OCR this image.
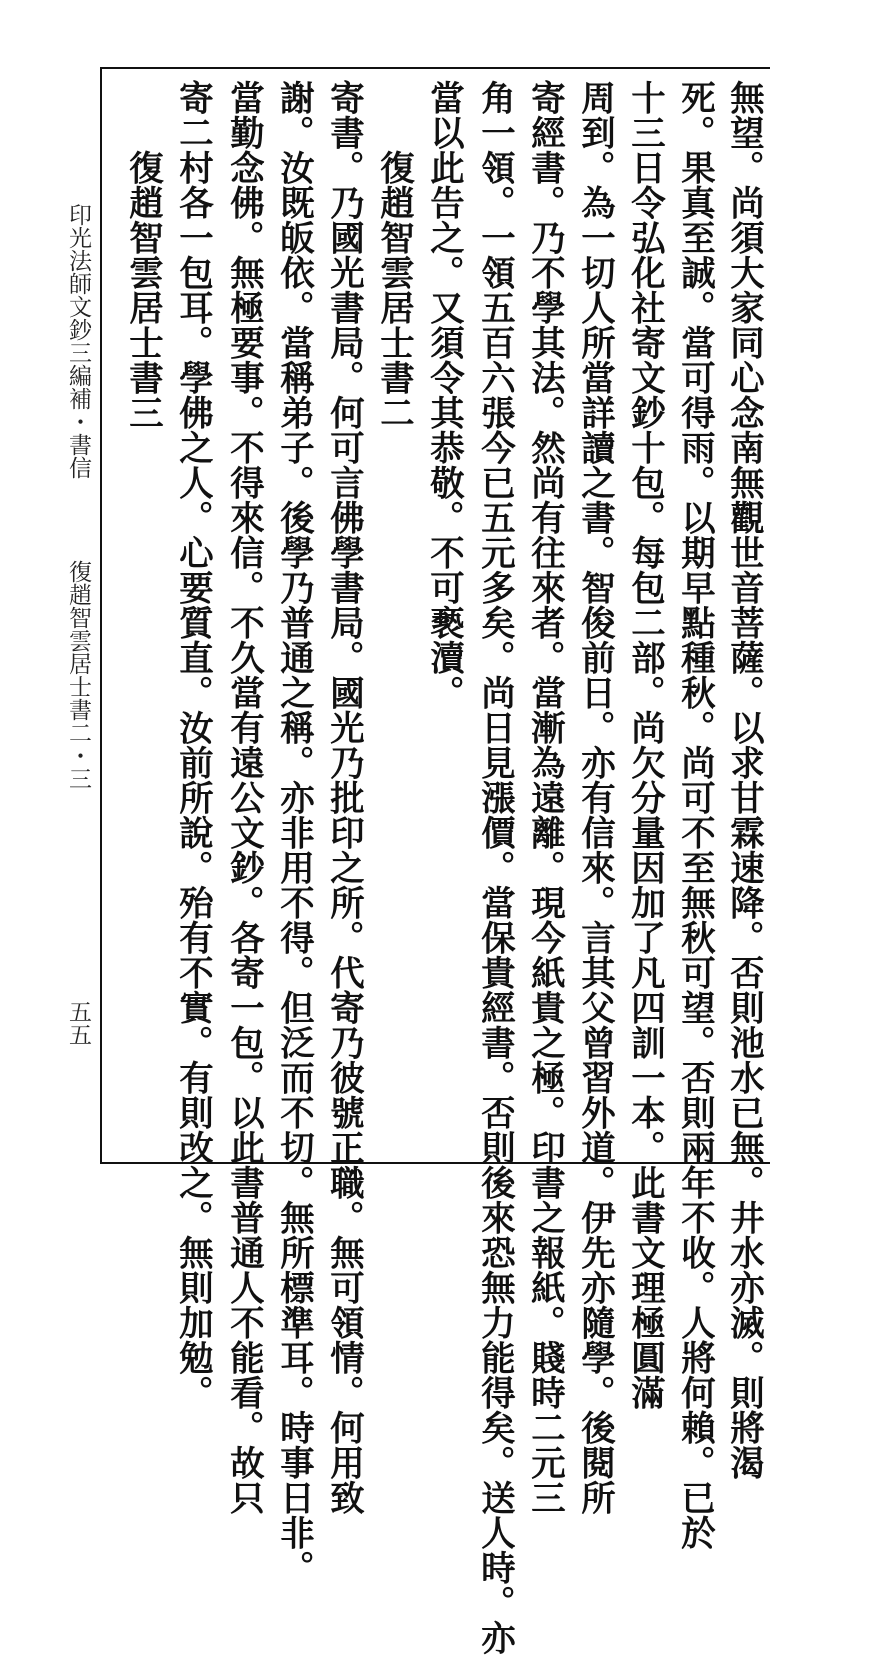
印光法師文鈔三編補・書信
復趙智雲居士書二・三
五五	無望。尚須大家同心念南無觀世音菩薩。以求甘霖速降。否則池水已無。井水亦滅。則將渴
死。果真至誠。當可得雨。以期早點種秋。尚可不至無秋可望。否則兩年不收。人將何賴。已於
十三日令弘化社寄文鈔十包。每包二部。尚欠分量因加了凡四訓一本。此書文理極圓滿
周到。為一切人所當詳讀之書。智俊前日。亦有信來。言其父曾習外道。伊先亦隨學。後閱所
寄經書。乃不學其法。然尚有往來者。當漸為遠離。現今紙貴之極。印書之報紙。賤時二元三
角一領。一領五百六張今已五元多矣。尚日見漲價。當保貴經書。否則後來恐無力能得矣。送人時。亦
當以此告之。又須令其恭敬。不可褻瀆。
復趙智雲居士書二
寄書。乃國光書局。何可言佛學書局。國光乃批印之所。代寄乃彼號正職。無可領情。何用致
謝。汝既皈依。當稱弟子。後學乃普通之稱。亦非用不得。但泛而不切。無所標準耳。時事日非。
當勤念佛。無極要事。不得來信。不久當有遠公文鈔。各寄一包。以此書普通人不能看。故只
寄二村各一包耳。學佛之人。心要質直。汝前所說。殆有不實。有則改之。無則加勉。
復趙智雲居士書三
